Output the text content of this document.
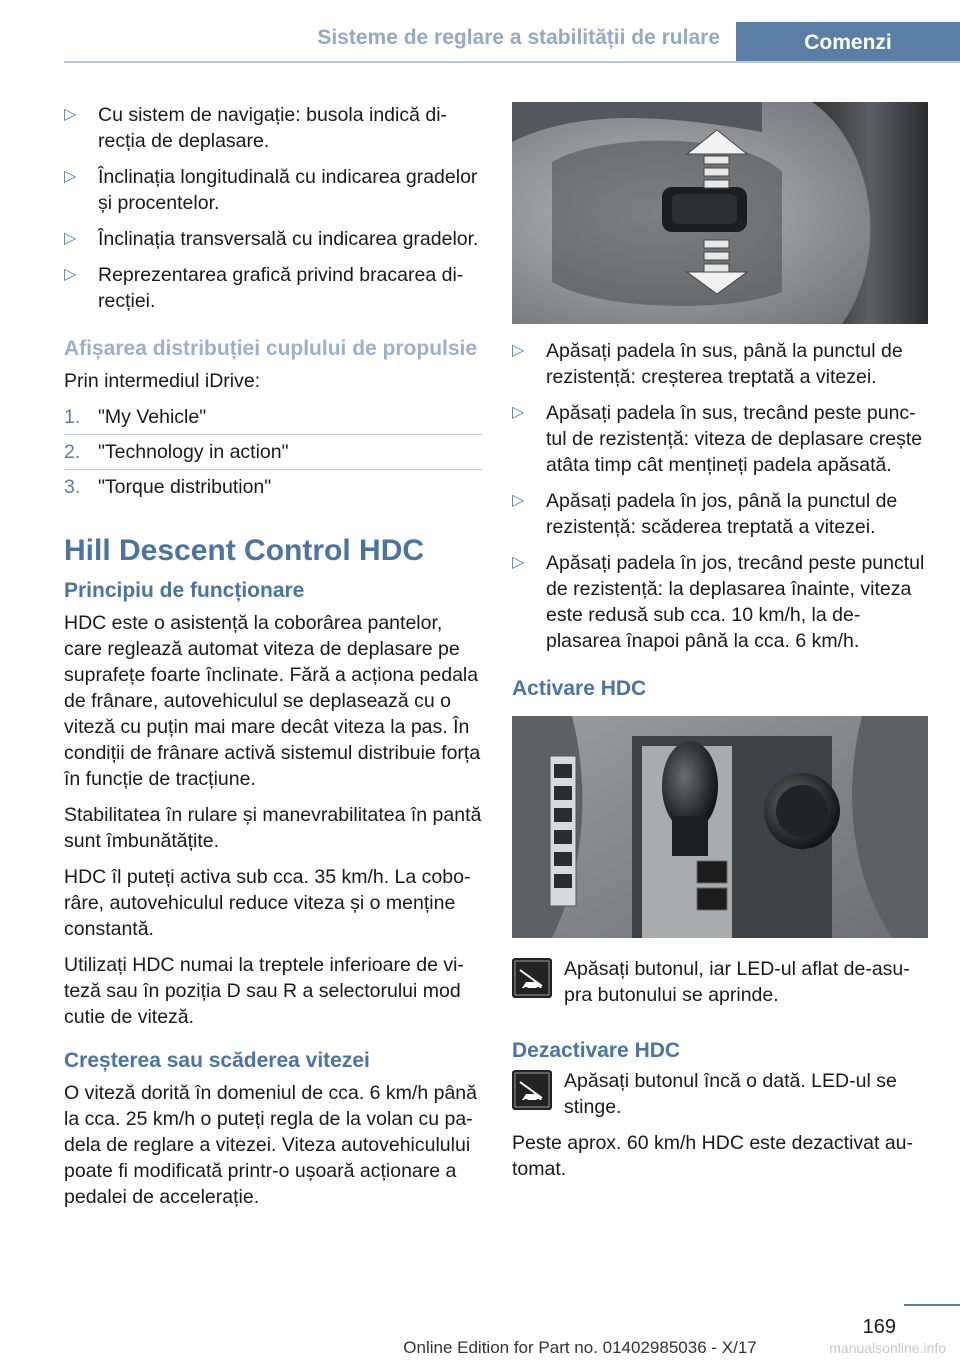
Sisteme de reglare a stabilității de rulare	Comenzi
▷ Cu sistem de navigație: busola indică direcția de deplasare.
▷ Înclinația longitudinală cu indicarea gradelor și procentelor.
▷ Înclinația transversală cu indicarea gradelor.
▷ Reprezentarea grafică privind bracarea direcției.
Afișarea distribuției cuplului de propulsie

Prin intermediul iDrive:

1. "My Vehicle"
2. "Technology in action"
3. "Torque distribution"
Hill Descent Control HDC
Principiu de funcționare

HDC este o asistență la coborârea pantelor, care reglează automat viteza de deplasare pe suprafețe foarte înclinate. Fără a acționa pedala de frânare, autovehiculul se deplasează cu o viteză cu puțin mai mare decât viteza la pas. În condiții de frânare activă sistemul distribuie forța în funcție de tracțiune.

Stabilitatea în rulare și manevrabilitatea în pantă sunt îmbunătățite.

HDC îl puteți activa sub cca. 35 km/h. La coborâre, autovehiculul reduce viteza și o menține constantă.

Utilizați HDC numai la treptele inferioare de viteză sau în poziția D sau R a selectorului mod cutie de viteză.

Creșterea sau scăderea vitezei

O viteză dorită în domeniul de cca. 6 km/h până la cca. 25 km/h o puteți regla de la volan cu padela de reglare a vitezei. Viteza autovehiculului poate fi modificată printr-o ușoară acționare a pedalei de accelerație.

▷ Apăsați padela în sus, până la punctul de rezistență: creșterea treptată a vitezei.
▷ Apăsați padela în sus, trecând peste punctul de rezistență: viteza de deplasare crește atâta timp cât mențineți padela apăsată.
▷ Apăsați padela în jos, până la punctul de rezistență: scăderea treptată a vitezei.
▷ Apăsați padela în jos, trecând peste punctul de rezistență: la deplasarea înainte, viteza este redusă sub cca. 10 km/h, la deplasarea înapoi până la cca. 6 km/h.
Activare HDC

Apăsați butonul, iar LED-ul aflat de-asupra butonului se aprinde.

Dezactivare HDC

Apăsați butonul încă o dată. LED-ul se stinge.

Peste aprox. 60 km/h HDC este dezactivat automat.

169
Online Edition for Part no. 01402985036 - X/17	manualsonline.info
